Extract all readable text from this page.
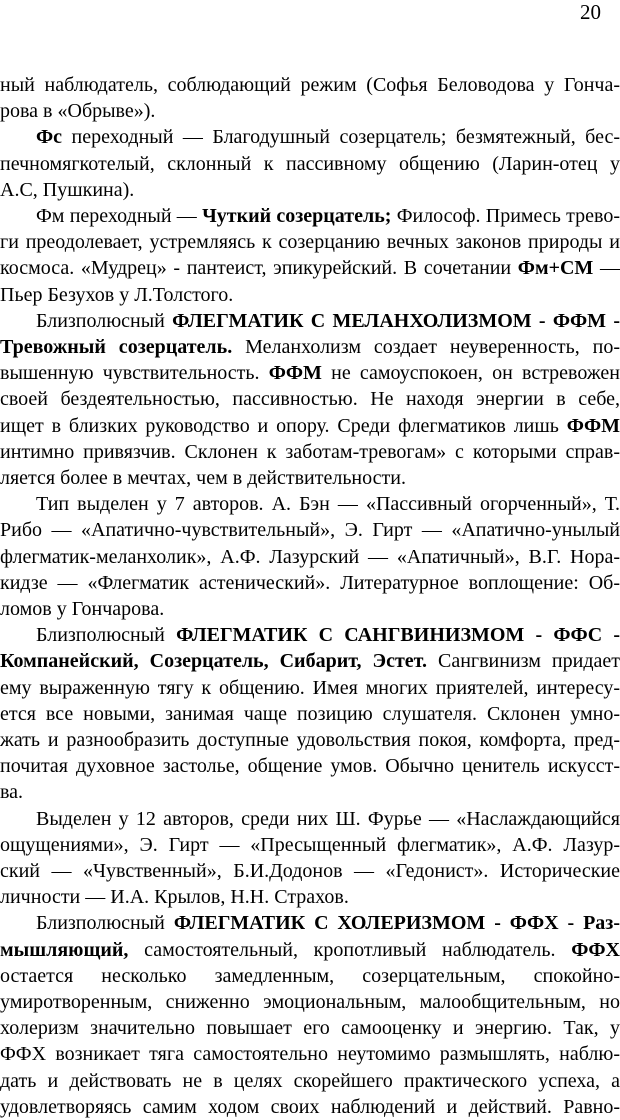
20
ный наблюдатель, соблюдающий режим (Софья Беловодова у Гонча-
рова в «Обрыве»).
Фс переходный — Благодушный созерцатель; безмятежный, бес-
печномягкотелый, склонный к пассивному общению (Ларин-отец у
А.С, Пушкина).
Фм переходный — Чуткий созерцатель; Философ. Примесь трево-
ги преодолевает, устремляясь к созерцанию вечных законов природы и
космоса. «Мудрец» - пантеист, эпикурейский. В сочетании Фм+СМ —
Пьер Безухов у Л.Толстого.
Близполюсный ФЛЕГМАТИК С МЕЛАНХОЛИЗМОМ - ФФМ -
Тревожный созерцатель. Меланхолизм создает неуверенность, по-
вышенную чувствительность. ФФМ не самоуспокоен, он встревожен
своей бездеятельностью, пассивностью. Не находя энергии в себе,
ищет в близких руководство и опору. Среди флегматиков лишь ФФМ
интимно привязчив. Склонен к заботам-тревогам» с которыми справ-
ляется более в мечтах, чем в действительности.
Тип выделен у 7 авторов. А. Бэн — «Пассивный огорченный», Т.
Рибо — «Апатично-чувствительный», Э. Гирт — «Апатично-унылый
флегматик-меланхолик», А.Ф. Лазурский — «Апатичный», В.Г. Нора-
кидзе — «Флегматик астенический». Литературное воплощение: Об-
ломов у Гончарова.
Близполюсный ФЛЕГМАТИК С САНГВИНИЗМОМ - ФФС -
Компанейский, Созерцатель, Сибарит, Эстет. Сангвинизм придает
ему выраженную тягу к общению. Имея многих приятелей, интересу-
ется все новыми, занимая чаще позицию слушателя. Склонен умно-
жать и разнообразить доступные удовольствия покоя, комфорта, пред-
почитая духовное застолье, общение умов. Обычно ценитель искусст-
ва.
Выделен у 12 авторов, среди них Ш. Фурье — «Наслаждающийся
ощущениями», Э. Гирт — «Пресыщенный флегматик», А.Ф. Лазур-
ский — «Чувственный», Б.И.Додонов — «Гедонист». Исторические
личности — И.А. Крылов, Н.Н. Страхов.
Близполюсный ФЛЕГМАТИК С ХОЛЕРИЗМОМ - ФФХ - Раз-
мышляющий, самостоятельный, кропотливый наблюдатель. ФФХ
остается несколько замедленным, созерцательным, спокойно-
умиротворенным, сниженно эмоциональным, малообщительным, но
холеризм значительно повышает его самооценку и энергию. Так, у
ФФХ возникает тяга самостоятельно неутомимо размышлять, наблю-
дать и действовать не в целях скорейшего практического успеха, а
удовлетворяясь самим ходом своих наблюдений и действий. Равно-
